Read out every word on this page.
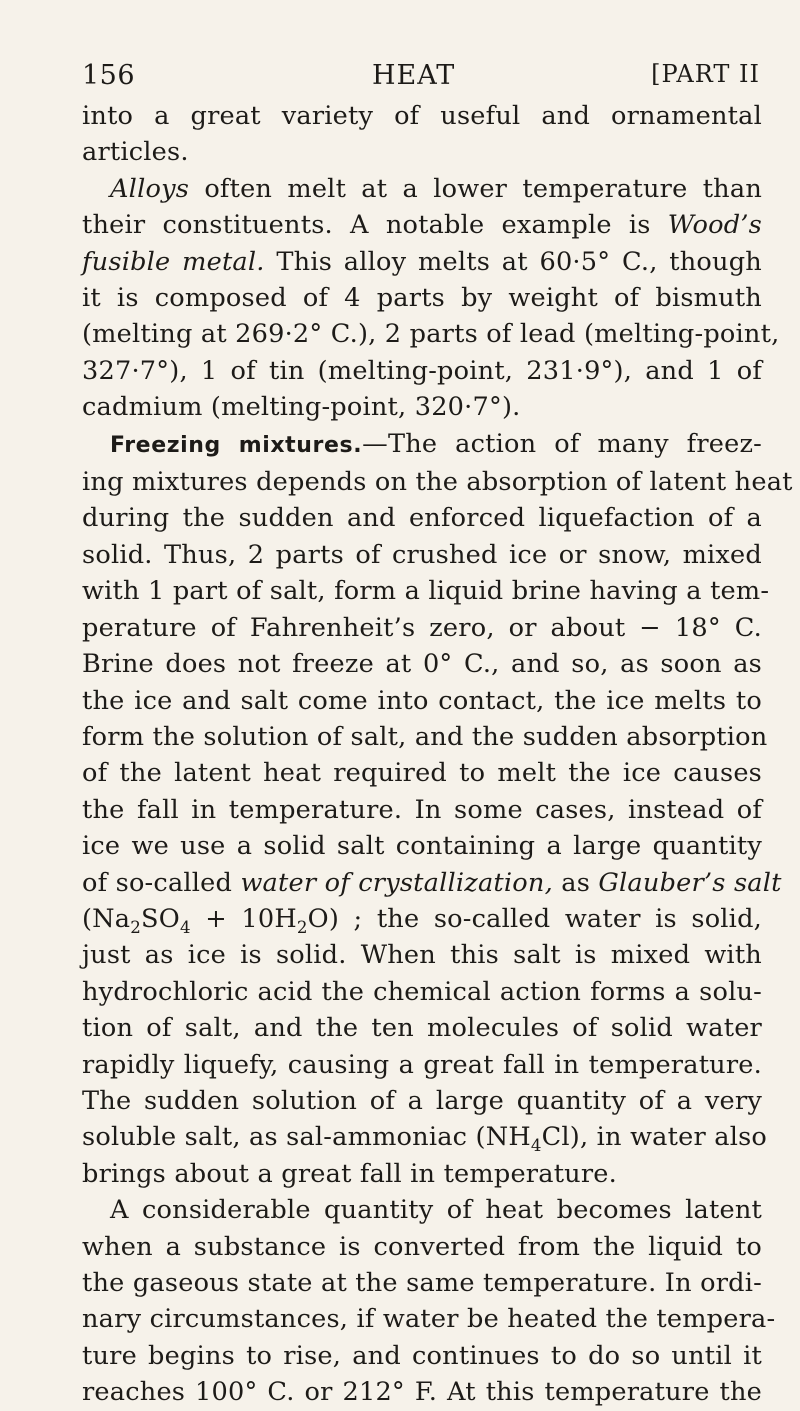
156	HEAT	[PART II
into a great variety of useful and ornamental
articles.
Alloys often melt at a lower temperature than
their constituents. A notable example is Wood’s
fusible metal. This alloy melts at 60·5° C., though
it is composed of 4 parts by weight of bismuth
(melting at 269·2° C.), 2 parts of lead (melting-point,
327·7°), 1 of tin (melting-point, 231·9°), and 1 of
cadmium (melting-point, 320·7°).
Freezing mixtures.—The action of many freez-
ing mixtures depends on the absorption of latent heat
during the sudden and enforced liquefaction of a
solid. Thus, 2 parts of crushed ice or snow, mixed
with 1 part of salt, form a liquid brine having a tem-
perature of Fahrenheit’s zero, or about − 18° C.
Brine does not freeze at 0° C., and so, as soon as
the ice and salt come into contact, the ice melts to
form the solution of salt, and the sudden absorption
of the latent heat required to melt the ice causes
the fall in temperature. In some cases, instead of
ice we use a solid salt containing a large quantity
of so-called water of crystallization, as Glauber’s salt
$(Na_2SO_4 + 10H_2O)$ ; the so-called water is solid,
just as ice is solid. When this salt is mixed with
hydrochloric acid the chemical action forms a solu-
tion of salt, and the ten molecules of solid water
rapidly liquefy, causing a great fall in temperature.
The sudden solution of a large quantity of a very
soluble salt, as sal-ammoniac $(NH_4Cl)$, in water also
brings about a great fall in temperature.
A considerable quantity of heat becomes latent
when a substance is converted from the liquid to
the gaseous state at the same temperature. In ordi-
nary circumstances, if water be heated the tempera-
ture begins to rise, and continues to do so until it
reaches 100° C. or 212° F. At this temperature the
